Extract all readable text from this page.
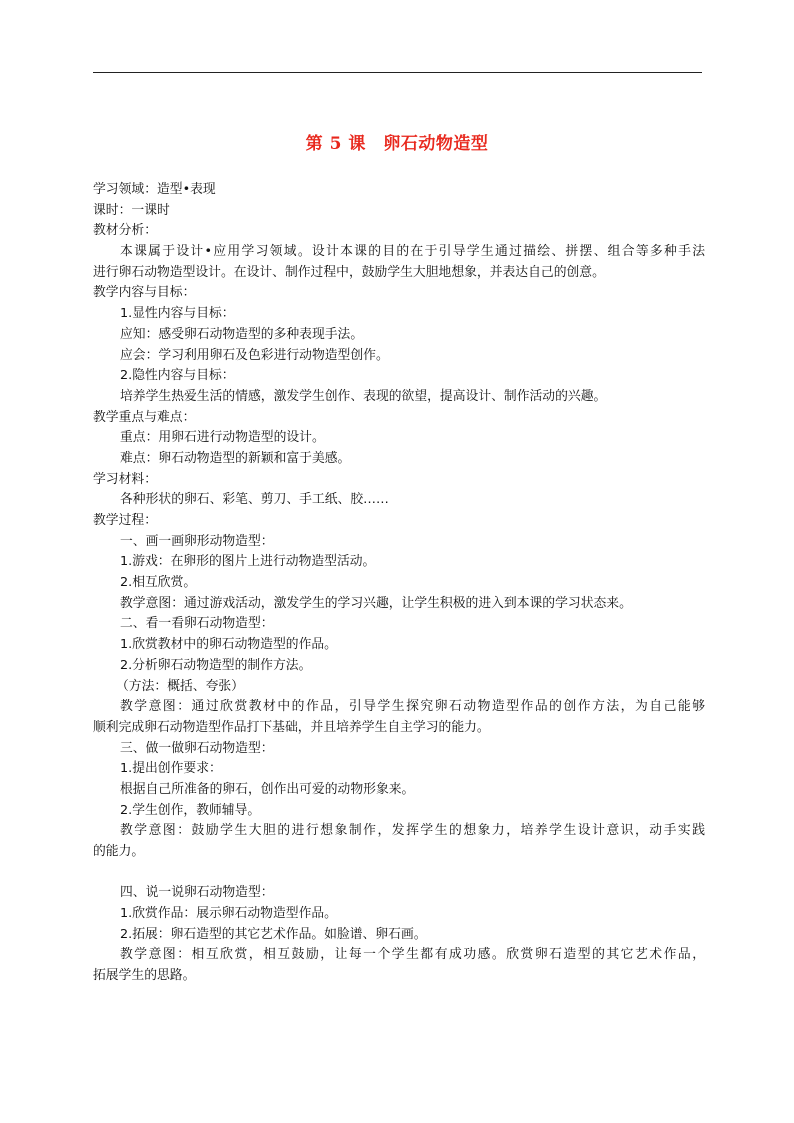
第 5 课　卵石动物造型
学习领域：造型•表现
课时：一课时
教材分析：
本课属于设计•应用学习领域。设计本课的目的在于引导学生通过描绘、拼摆、组合等多种手法
进行卵石动物造型设计。在设计、制作过程中，鼓励学生大胆地想象，并表达自己的创意。
教学内容与目标：
1.显性内容与目标：
应知：感受卵石动物造型的多种表现手法。
应会：学习利用卵石及色彩进行动物造型创作。
2.隐性内容与目标：
培养学生热爱生活的情感，激发学生创作、表现的欲望，提高设计、制作活动的兴趣。
教学重点与难点：
重点：用卵石进行动物造型的设计。
难点：卵石动物造型的新颖和富于美感。
学习材料：
各种形状的卵石、彩笔、剪刀、手工纸、胶……
教学过程：
一、画一画卵形动物造型：
1.游戏：在卵形的图片上进行动物造型活动。
2.相互欣赏。
教学意图：通过游戏活动，激发学生的学习兴趣，让学生积极的进入到本课的学习状态来。
二、看一看卵石动物造型：
1.欣赏教材中的卵石动物造型的作品。
2.分析卵石动物造型的制作方法。
（方法：概括、夸张）
教学意图：通过欣赏教材中的作品，引导学生探究卵石动物造型作品的创作方法，为自己能够
顺利完成卵石动物造型作品打下基础，并且培养学生自主学习的能力。
三、做一做卵石动物造型：
1.提出创作要求：
根据自己所准备的卵石，创作出可爱的动物形象来。
2.学生创作，教师辅导。
教学意图：鼓励学生大胆的进行想象制作，发挥学生的想象力，培养学生设计意识，动手实践
的能力。
四、说一说卵石动物造型：
1.欣赏作品：展示卵石动物造型作品。
2.拓展：卵石造型的其它艺术作品。如脸谱、卵石画。
教学意图：相互欣赏，相互鼓励，让每一个学生都有成功感。欣赏卵石造型的其它艺术作品，
拓展学生的思路。
